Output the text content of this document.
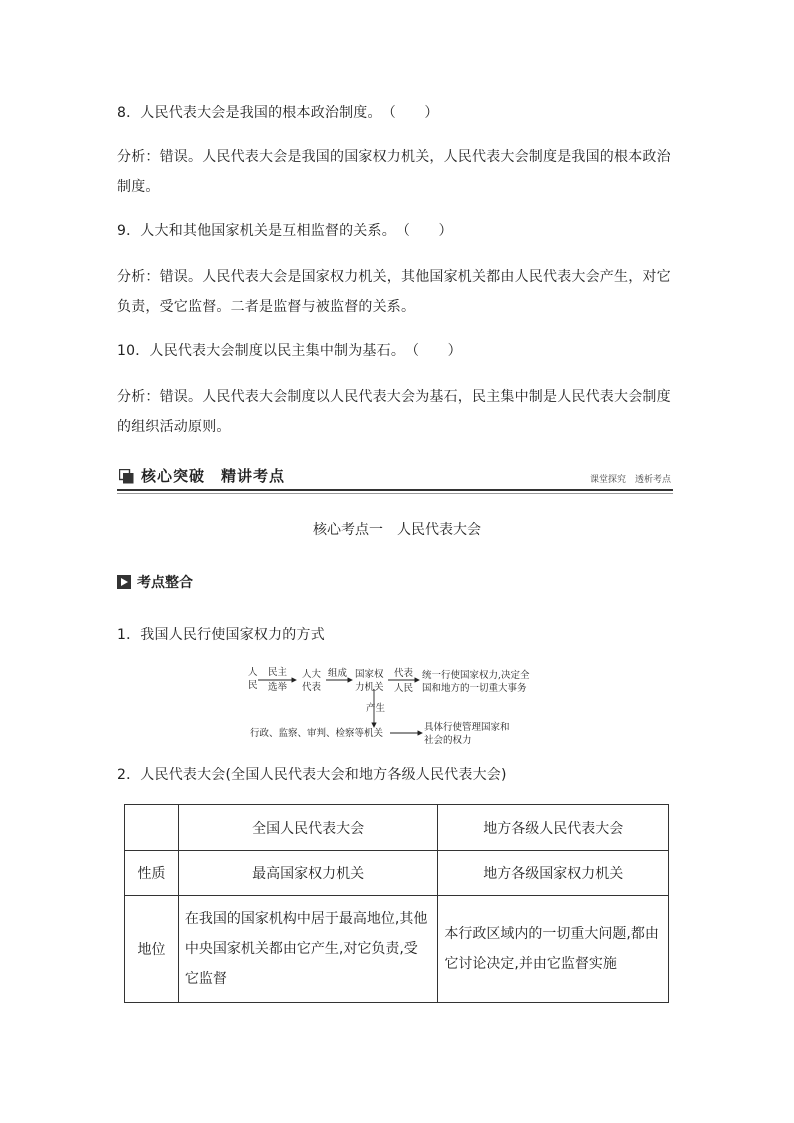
8．人民代表大会是我国的根本政治制度。（　　）
分析：错误。人民代表大会是我国的国家权力机关，人民代表大会制度是我国的根本政治制度。
9．人大和其他国家机关是互相监督的关系。（　　）
分析：错误。人民代表大会是国家权力机关，其他国家机关都由人民代表大会产生，对它负责，受它监督。二者是监督与被监督的关系。
10．人民代表大会制度以民主集中制为基石。（　　）
分析：错误。人民代表大会制度以人民代表大会为基石，民主集中制是人民代表大会制度的组织活动原则。
核心突破　精讲考点	课堂探究　透析考点
核心考点一　人民代表大会
考点整合
1．我国人民行使国家权力的方式
人
民
民主
选举
人大
代表
组成 国家权
力机关
代表
人民
统一行使国家权力,决定全
国和地方的一切重大事务
产生
行政、监察、审判、检察等机关
具体行使管理国家和
社会的权力
2．人民代表大会(全国人民代表大会和地方各级人民代表大会)
	全国人民代表大会	地方各级人民代表大会
性质	最高国家权力机关	地方各级国家权力机关
地位	在我国的国家机构中居于最高地位,其他中央国家机关都由它产生,对它负责,受它监督	本行政区域内的一切重大问题,都由它讨论决定,并由它监督实施
